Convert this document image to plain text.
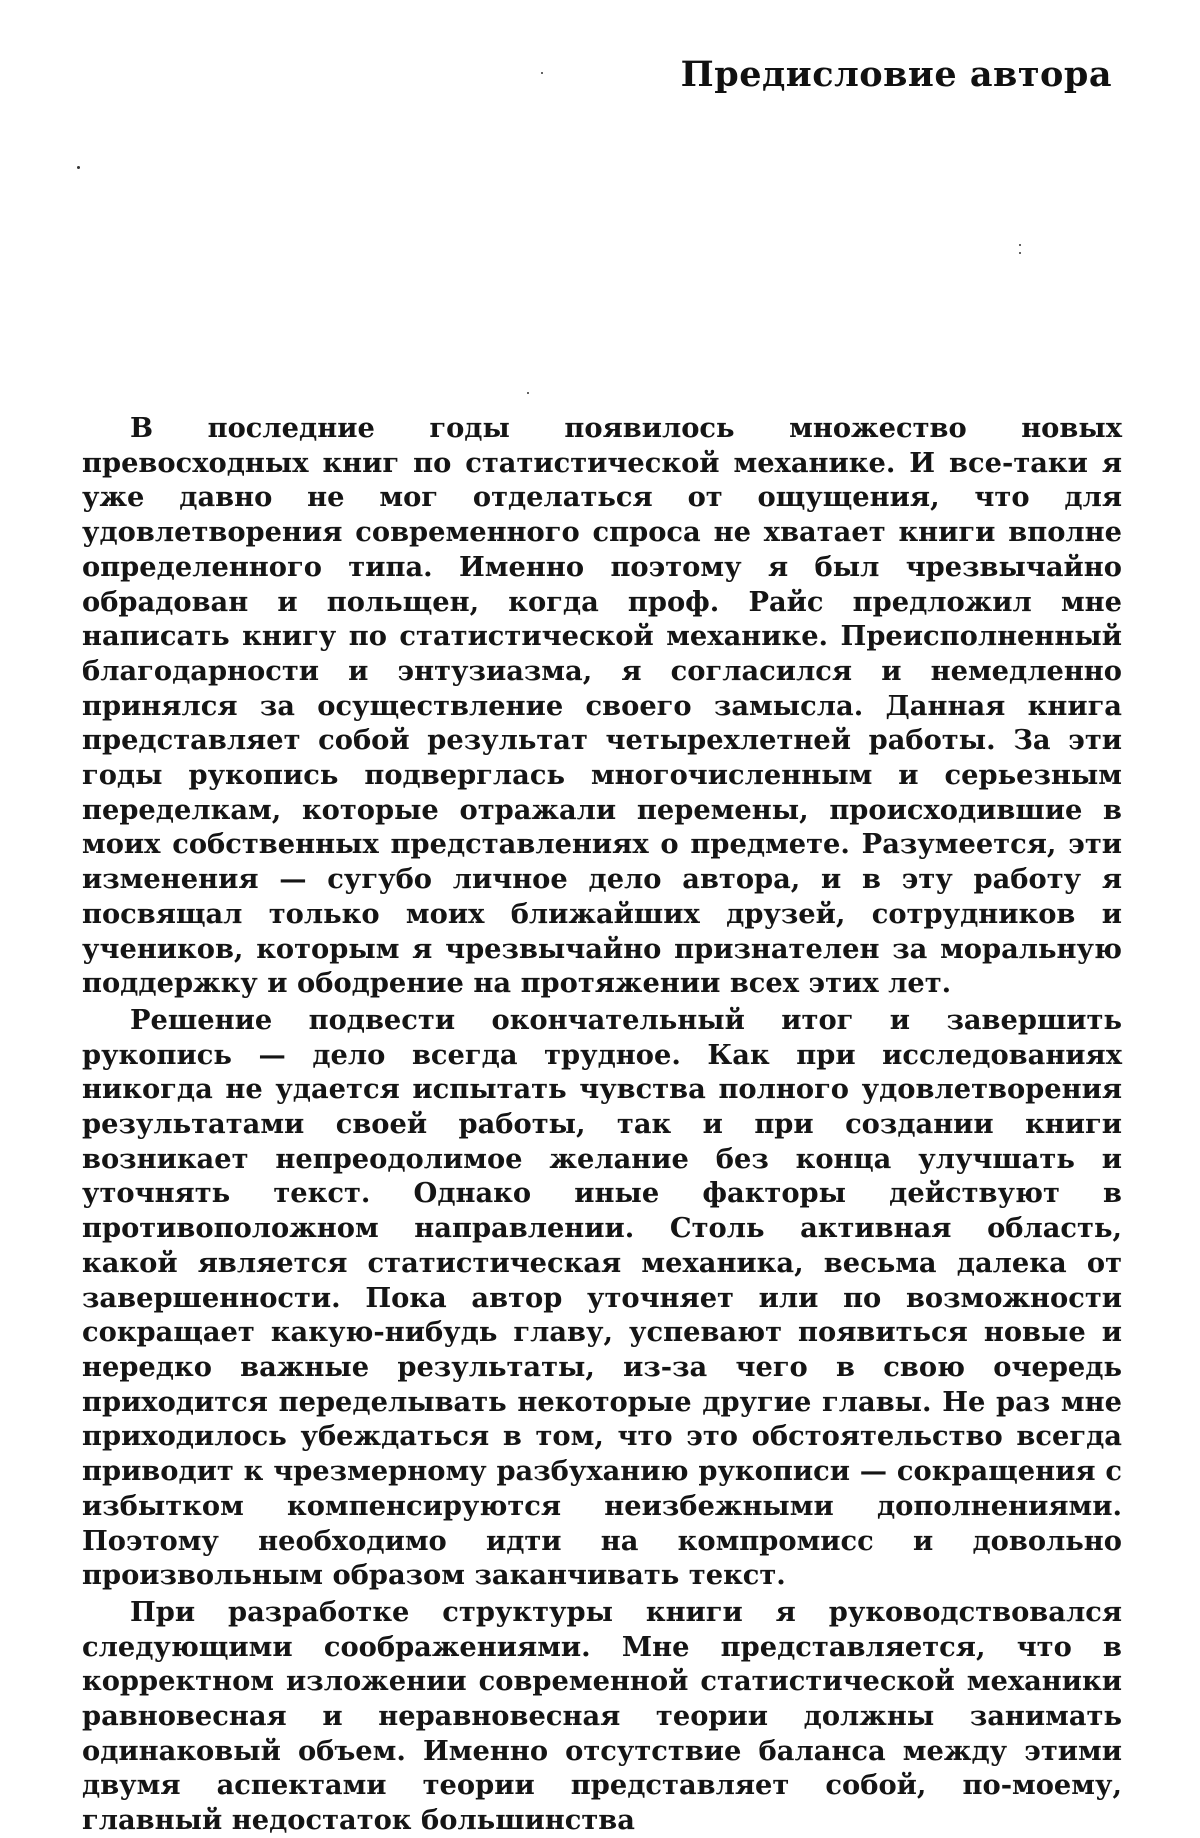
Предисловие автора

В последние годы появилось множество новых превосходных книг по статистической механике. И все-таки я уже давно не мог отделаться от ощущения, что для удовлетворения современного спроса не хватает книги вполне определенного типа. Именно поэтому я был чрезвычайно обрадован и польщен, когда проф. Райс предложил мне написать книгу по статистической механике. Преисполненный благодарности и энтузиазма, я согласился и немедленно принялся за осуществление своего замысла. Данная книга представляет собой результат четырехлетней работы. За эти годы рукопись подверглась многочисленным и серьезным переделкам, которые отражали перемены, происходившие в моих собственных представлениях о предмете. Разумеется, эти изменения — сугубо личное дело автора, и в эту работу я посвящал только моих ближайших друзей, сотрудников и учеников, которым я чрезвычайно признателен за моральную поддержку и ободрение на протяжении всех этих лет.

Решение подвести окончательный итог и завершить рукопись — дело всегда трудное. Как при исследованиях никогда не удается испытать чувства полного удовлетворения результатами своей работы, так и при создании книги возникает непреодолимое желание без конца улучшать и уточнять текст. Однако иные факторы действуют в противоположном направлении. Столь активная область, какой является статистическая механика, весьма далека от завершенности. Пока автор уточняет или по возможности сокращает какую-нибудь главу, успевают появиться новые и нередко важные результаты, из-за чего в свою очередь приходится переделывать некоторые другие главы. Не раз мне приходилось убеждаться в том, что это обстоятельство всегда приводит к чрезмерному разбуханию рукописи — сокращения с избытком компенсируются неизбежными дополнениями. Поэтому необходимо идти на компромисс и довольно произвольным образом заканчивать текст.

При разработке структуры книги я руководствовался следующими соображениями. Мне представляется, что в корректном изложении современной статистической механики равновесная и неравновесная теории должны занимать одинаковый объем. Именно отсутствие баланса между этими двумя аспектами теории представляет собой, по-моему, главный недостаток большинства
